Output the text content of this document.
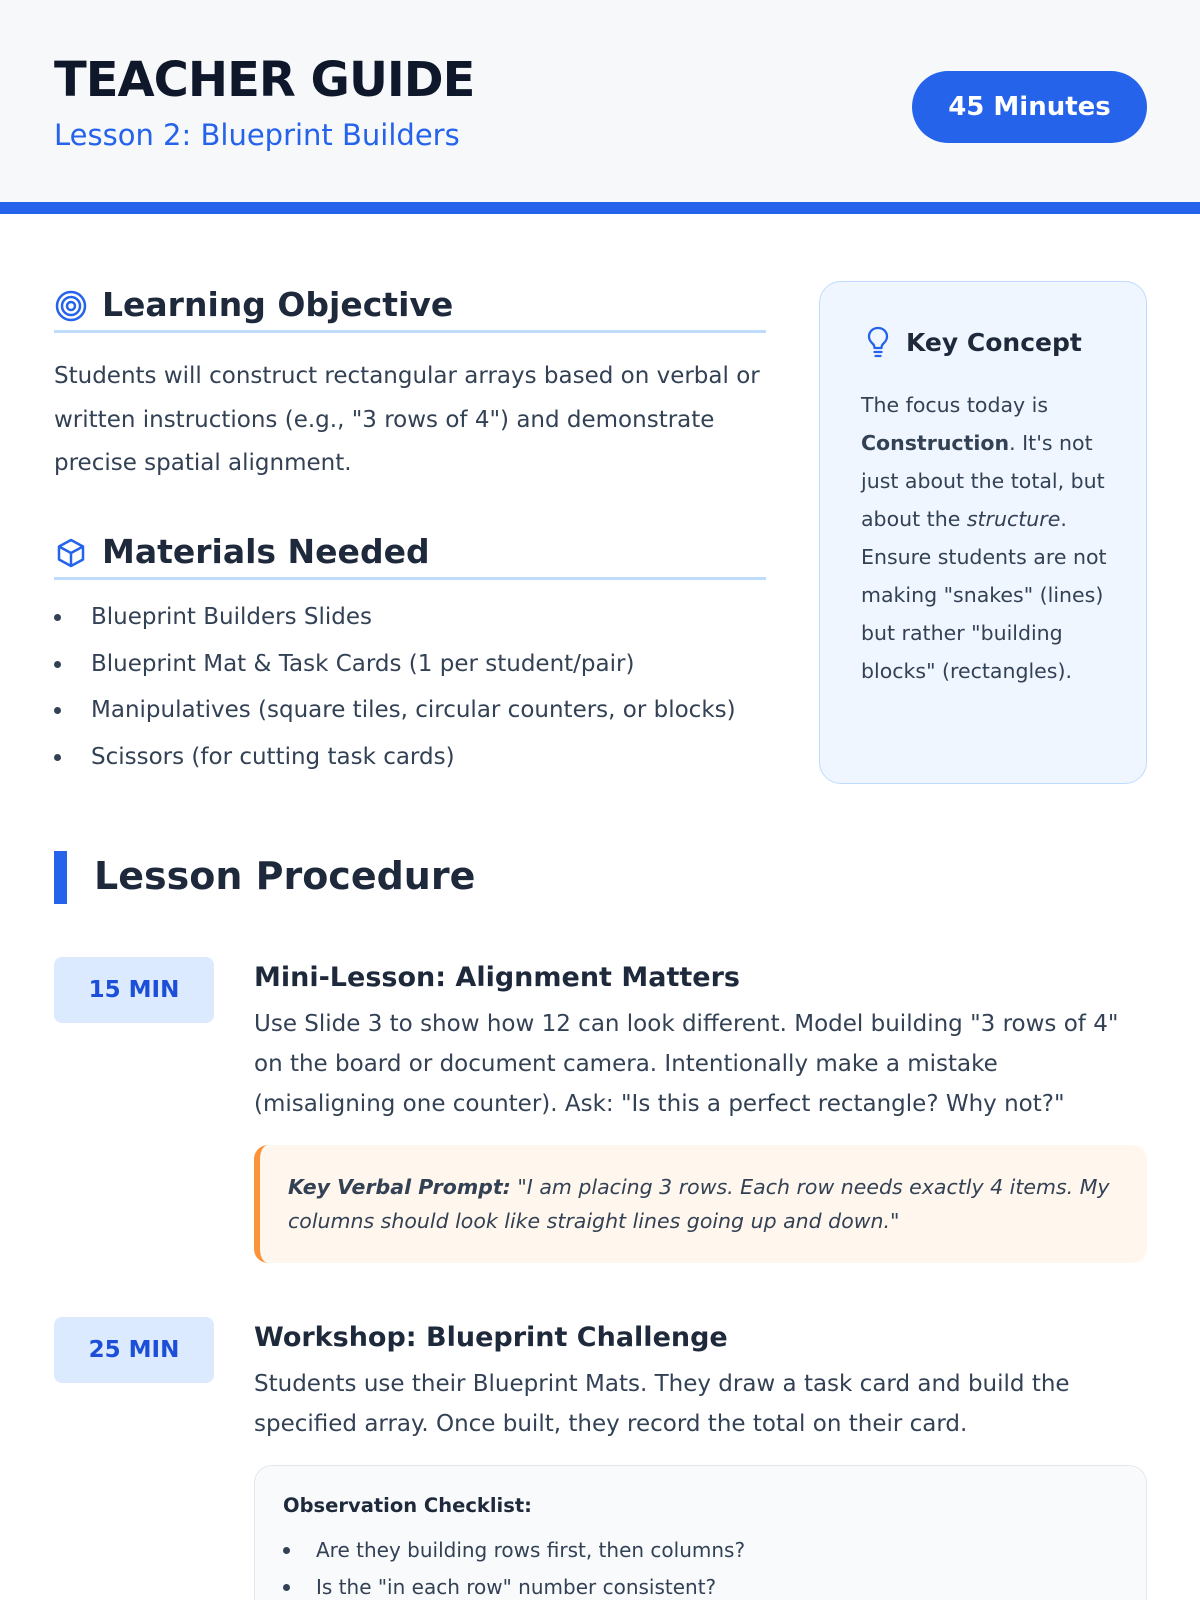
TEACHER GUIDE
Lesson 2: Blueprint Builders
45 Minutes
Learning Objective
Students will construct rectangular arrays based on verbal or written instructions (e.g., "3 rows of 4") and demonstrate precise spatial alignment.
Materials Needed
Blueprint Builders Slides
Blueprint Mat & Task Cards (1 per student/pair)
Manipulatives (square tiles, circular counters, or blocks)
Scissors (for cutting task cards)
Key Concept
The focus today is Construction. It's not just about the total, but about the structure. Ensure students are not making "snakes" (lines) but rather "building blocks" (rectangles).
Lesson Procedure
15 MIN	Mini-Lesson: Alignment Matters
Use Slide 3 to show how 12 can look different. Model building "3 rows of 4" on the board or document camera. Intentionally make a mistake (misaligning one counter). Ask: "Is this a perfect rectangle? Why not?"
Key Verbal Prompt: "I am placing 3 rows. Each row needs exactly 4 items. My columns should look like straight lines going up and down."
25 MIN	Workshop: Blueprint Challenge
Students use their Blueprint Mats. They draw a task card and build the specified array. Once built, they record the total on their card.
Observation Checklist:
Are they building rows first, then columns?
Is the "in each row" number consistent?
